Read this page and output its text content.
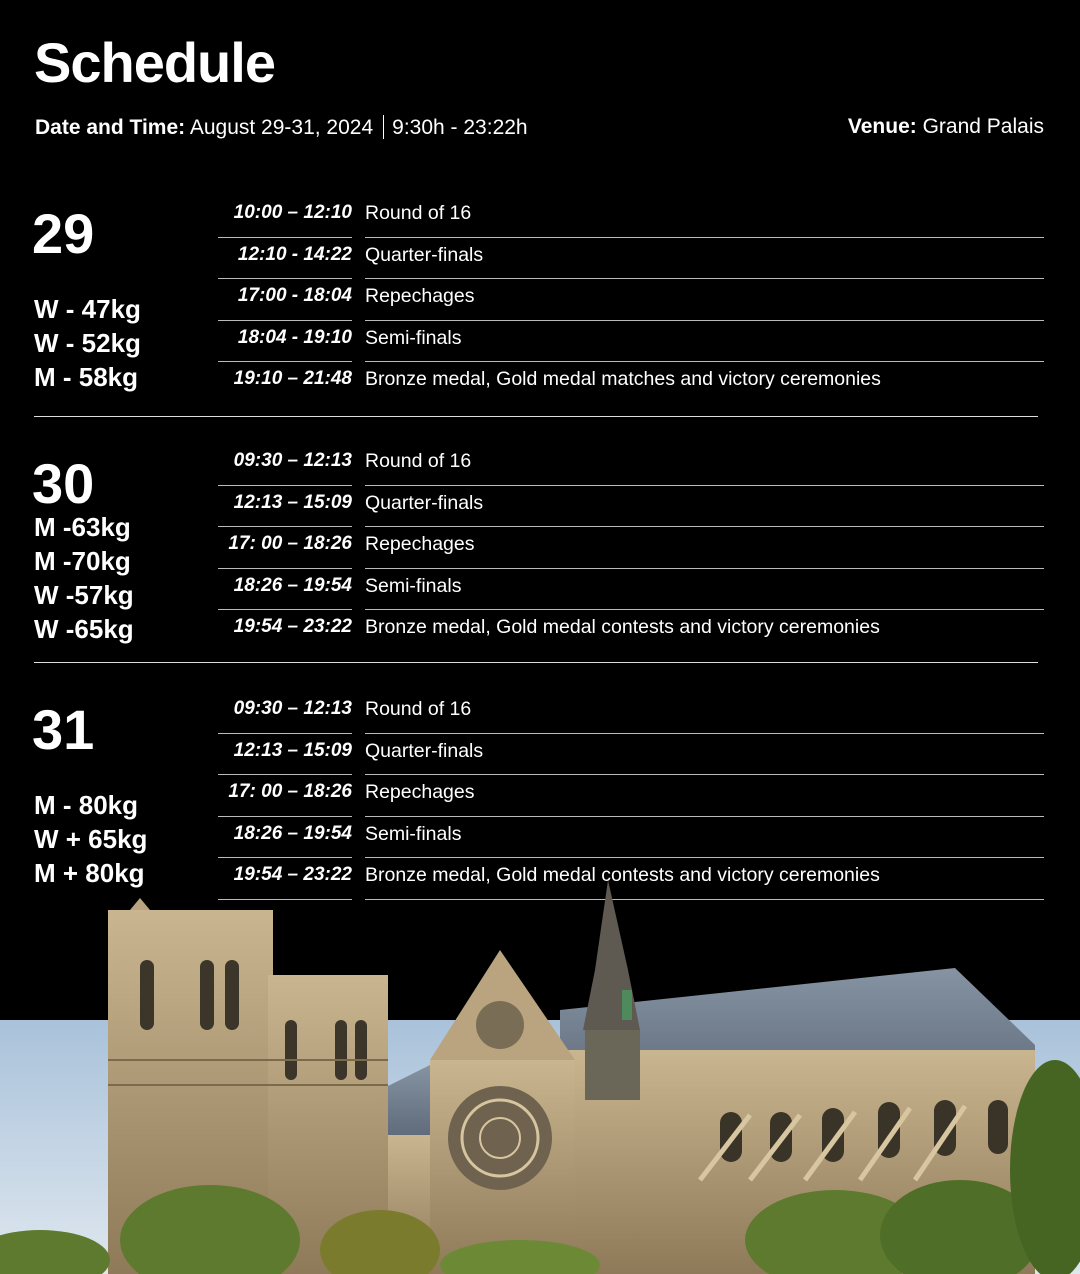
Schedule
Date and Time: August 29-31, 2024 9:30h - 23:22h	Venue: Grand Palais
29
W - 47kg
W - 52kg
M - 58kg
10:00 – 12:10 Round of 16
12:10 - 14:22 Quarter-finals
17:00 - 18:04 Repechages
18:04 - 19:10 Semi-finals
19:10 – 21:48 Bronze medal, Gold medal matches and victory ceremonies
30
M -63kg
M -70kg
W -57kg
W -65kg
09:30 – 12:13 Round of 16
12:13 – 15:09 Quarter-finals
17: 00 – 18:26 Repechages
18:26 – 19:54 Semi-finals
19:54 – 23:22 Bronze medal, Gold medal contests and victory ceremonies
31
M - 80kg
W + 65kg
M + 80kg
09:30 – 12:13 Round of 16
12:13 – 15:09 Quarter-finals
17: 00 – 18:26 Repechages
18:26 – 19:54 Semi-finals
19:54 – 23:22 Bronze medal, Gold medal contests and victory ceremonies
